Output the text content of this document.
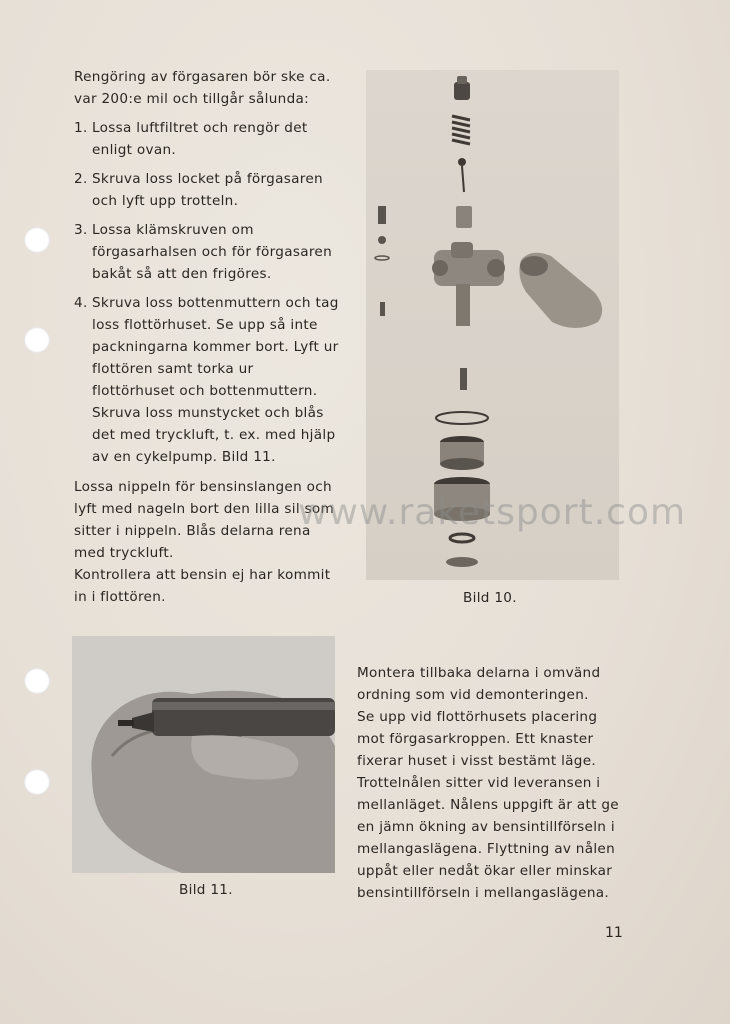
Rengöring av förgasaren bör ske ca. var 200:e mil och tillgår sålunda:

1. Lossa luftfiltret och rengör det enligt ovan.
2. Skruva loss locket på förgasaren och lyft upp trotteln.
3. Lossa klämskruven om förgasarhalsen och för förgasaren bakåt så att den frigöres.
4. Skruva loss bottenmuttern och tag loss flottörhuset. Se upp så inte packningarna kommer bort. Lyft ur flottören samt torka ur flottörhuset och bottenmuttern. Skruva loss munstycket och blås det med tryckluft, t. ex. med hjälp av en cykelpump. Bild 11.

Lossa nippeln för bensinslangen och lyft med nageln bort den lilla sil som sitter i nippeln. Blås delarna rena med tryckluft.

Kontrollera att bensin ej har kommit in i flottören.	Bild 10.
www.raketsport.com
Bild 11.

Montera tillbaka delarna i omvänd ordning som vid demonteringen.

Se upp vid flottörhusets placering mot förgasarkroppen. Ett knaster fixerar huset i visst bestämt läge.

Trottelnålen sitter vid leveransen i mellanläget. Nålens uppgift är att ge en jämn ökning av bensintillförseln i mellangaslägena. Flyttning av nålen uppåt eller nedåt ökar eller minskar bensintillförseln i mellangaslägena.

11
